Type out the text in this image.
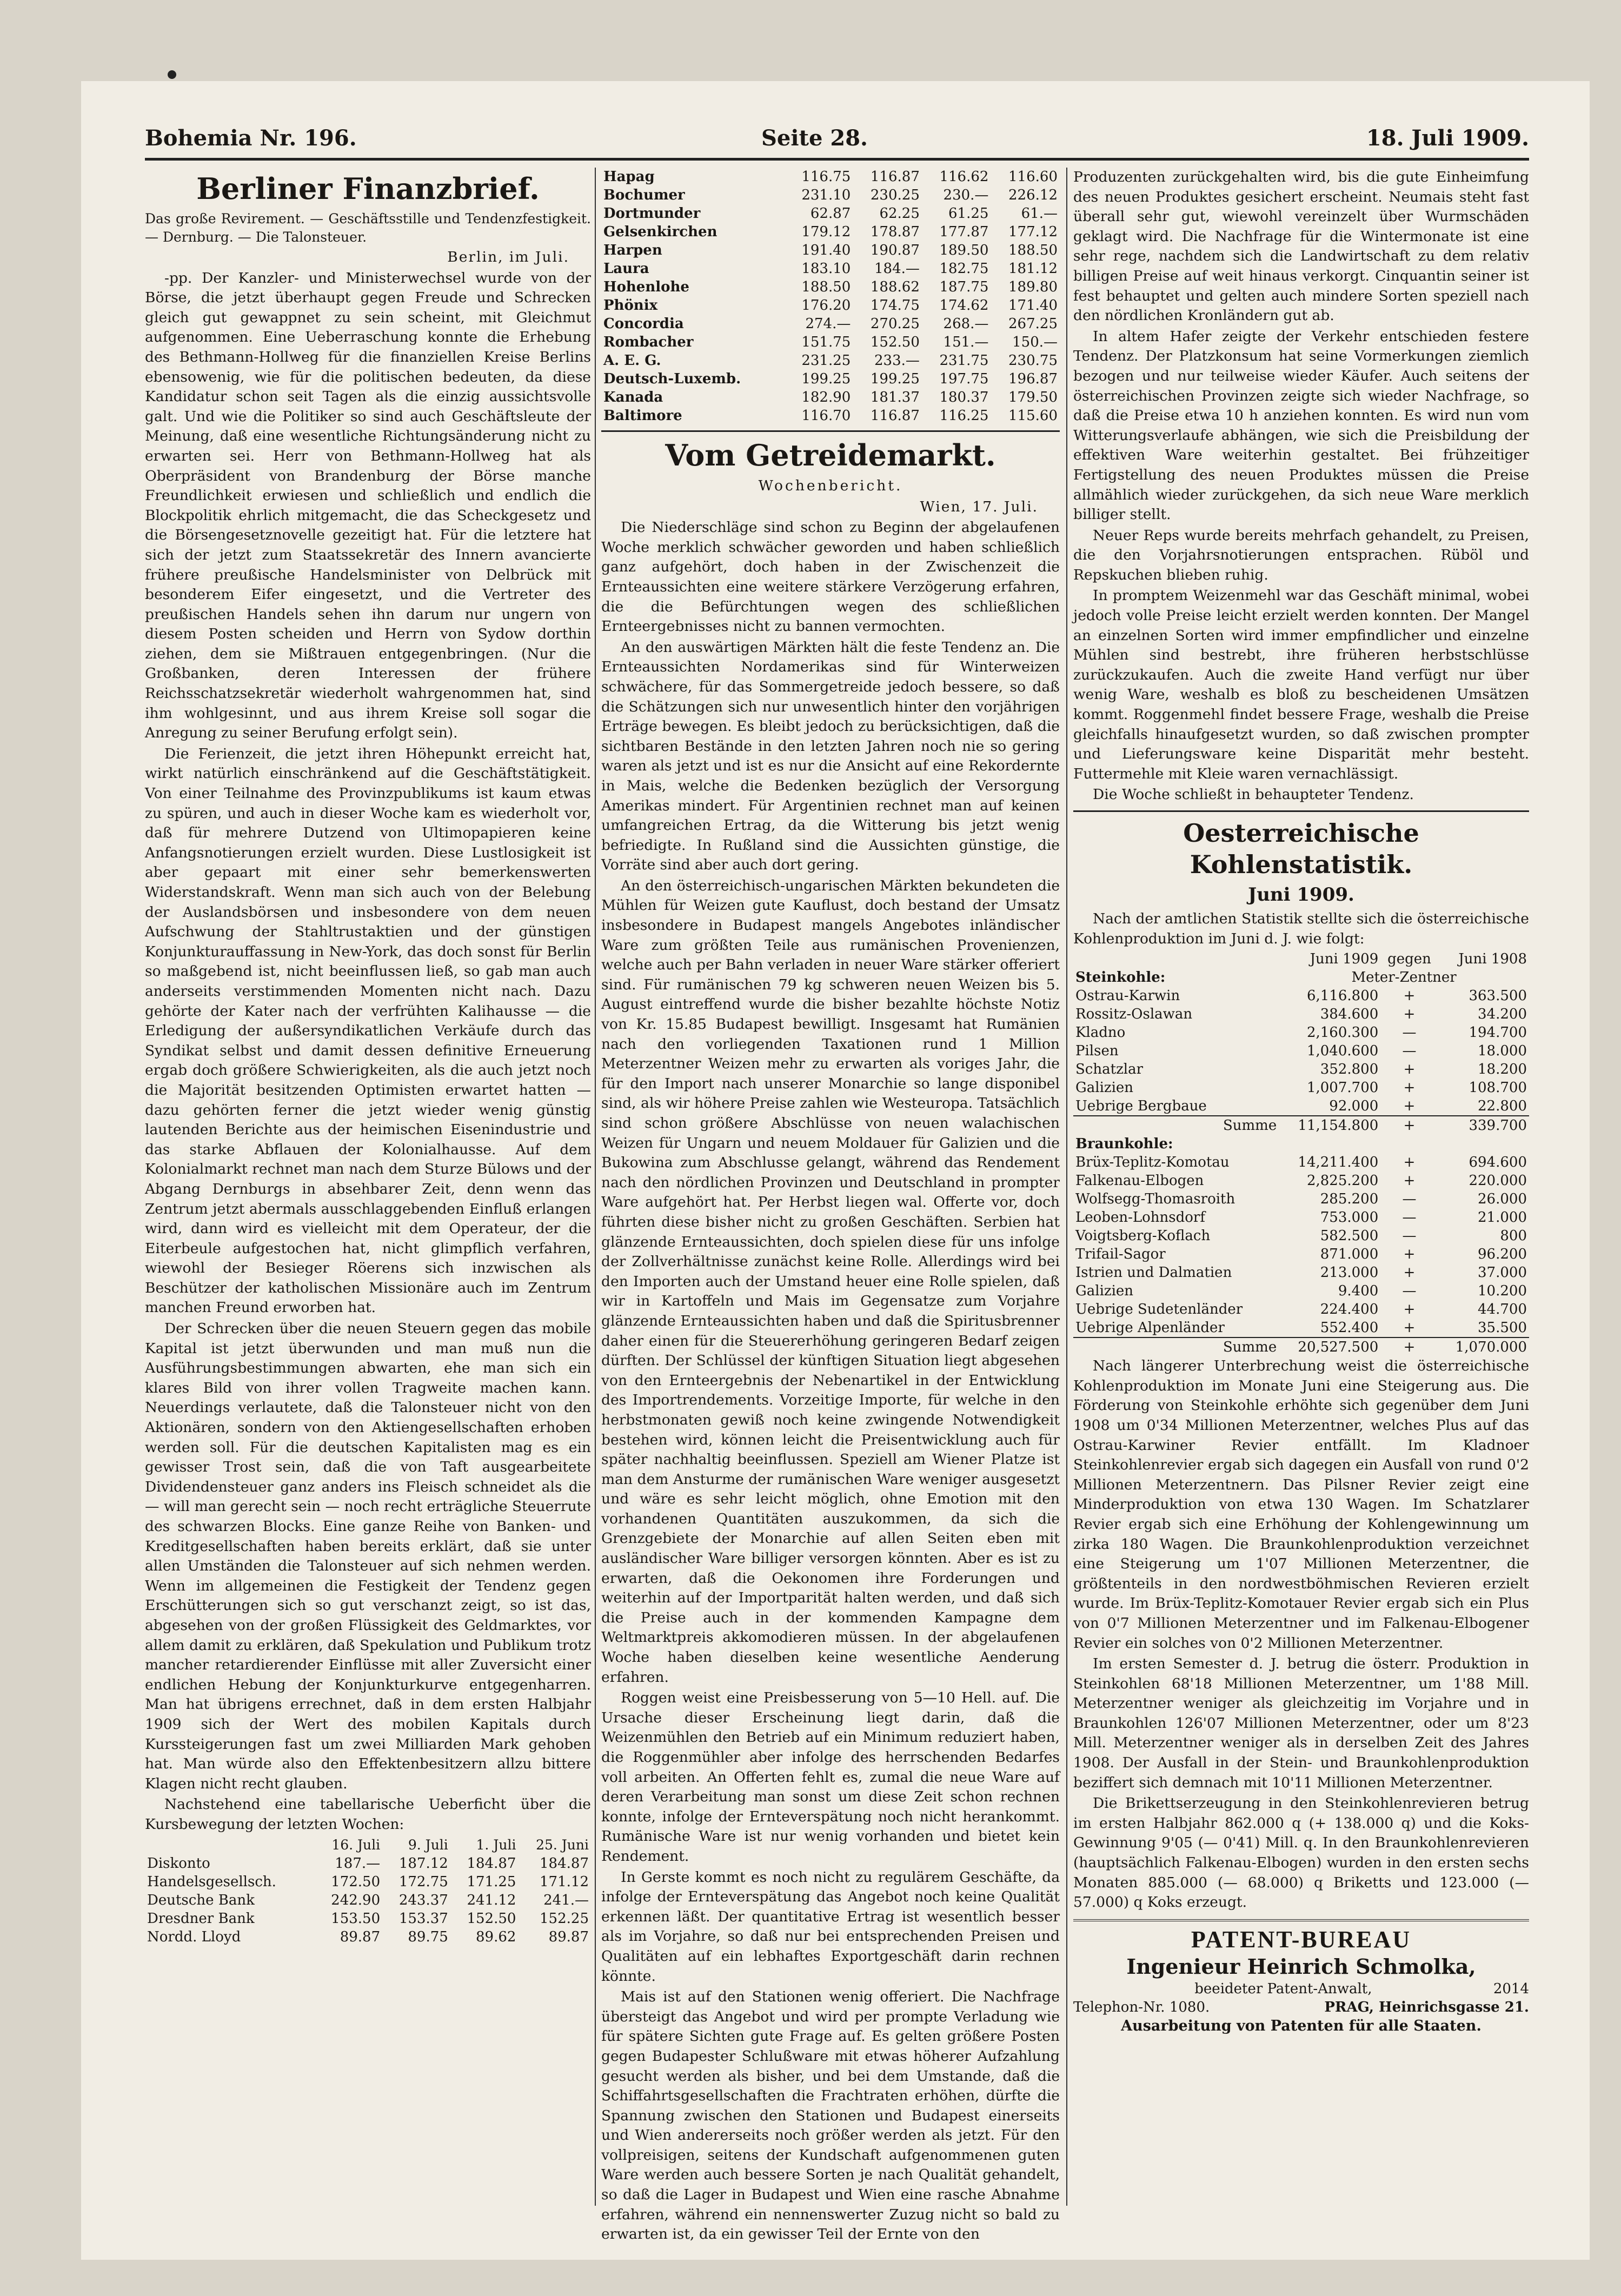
Bohemia Nr. 196.	Seite 28.	18. Juli 1909.
Berliner Finanzbrief.

Das große Revirement. — Geschäftsstille und Tendenzfestigkeit. — Dernburg. — Die Talonsteuer.

Berlin, im Juli.

-pp. Der Kanzler- und Ministerwechsel wurde von der Börse, die jetzt überhaupt gegen Freude und Schrecken gleich gut gewappnet zu sein scheint, mit Gleichmut aufgenommen. Eine Ueberraschung konnte die Erhebung des Bethmann-Hollweg für die finanziellen Kreise Berlins ebensowenig, wie für die politischen bedeuten, da diese Kandidatur schon seit Tagen als die einzig aussichtsvolle galt. Und wie die Politiker so sind auch Geschäftsleute der Meinung, daß eine wesentliche Richtungsänderung nicht zu erwarten sei. Herr von Bethmann-Hollweg hat als Oberpräsident von Brandenburg der Börse manche Freundlichkeit erwiesen und schließlich und endlich die Blockpolitik ehrlich mitgemacht, die das Scheckgesetz und die Börsengesetznovelle gezeitigt hat. Für die letztere hat sich der jetzt zum Staatssekretär des Innern avancierte frühere preußische Handelsminister von Delbrück mit besonderem Eifer eingesetzt, und die Vertreter des preußischen Handels sehen ihn darum nur ungern von diesem Posten scheiden und Herrn von Sydow dorthin ziehen, dem sie Mißtrauen entgegenbringen. (Nur die Großbanken, deren Interessen der frühere Reichsschatzsekretär wiederholt wahrgenommen hat, sind ihm wohlgesinnt, und aus ihrem Kreise soll sogar die Anregung zu seiner Berufung erfolgt sein).

Die Ferienzeit, die jetzt ihren Höhepunkt erreicht hat, wirkt natürlich einschränkend auf die Geschäftstätigkeit. Von einer Teilnahme des Provinzpublikums ist kaum etwas zu spüren, und auch in dieser Woche kam es wiederholt vor, daß für mehrere Dutzend von Ultimopapieren keine Anfangsnotierungen erzielt wurden. Diese Lustlosigkeit ist aber gepaart mit einer sehr bemerkenswerten Widerstandskraft. Wenn man sich auch von der Belebung der Auslandsbörsen und insbesondere von dem neuen Aufschwung der Stahltrustaktien und der günstigen Konjunkturauffassung in New-York, das doch sonst für Berlin so maßgebend ist, nicht beeinflussen ließ, so gab man auch anderseits verstimmenden Momenten nicht nach. Dazu gehörte der Kater nach der verfrühten Kalihausse — die Erledigung der außersyndikatlichen Verkäufe durch das Syndikat selbst und damit dessen definitive Erneuerung ergab doch größere Schwierigkeiten, als die auch jetzt noch die Majorität besitzenden Optimisten erwartet hatten — dazu gehörten ferner die jetzt wieder wenig günstig lautenden Berichte aus der heimischen Eisenindustrie und das starke Abflauen der Kolonialhausse. Auf dem Kolonialmarkt rechnet man nach dem Sturze Bülows und der Abgang Dernburgs in absehbarer Zeit, denn wenn das Zentrum jetzt abermals ausschlaggebenden Einfluß erlangen wird, dann wird es vielleicht mit dem Operateur, der die Eiterbeule aufgestochen hat, nicht glimpflich verfahren, wiewohl der Besieger Röerens sich inzwischen als Beschützer der katholischen Missionäre auch im Zentrum manchen Freund erworben hat.

Der Schrecken über die neuen Steuern gegen das mobile Kapital ist jetzt überwunden und man muß nun die Ausführungsbestimmungen abwarten, ehe man sich ein klares Bild von ihrer vollen Tragweite machen kann. Neuerdings verlautete, daß die Talonsteuer nicht von den Aktionären, sondern von den Aktiengesellschaften erhoben werden soll. Für die deutschen Kapitalisten mag es ein gewisser Trost sein, daß die von Taft ausgearbeitete Dividendensteuer ganz anders ins Fleisch schneidet als die — will man gerecht sein — noch recht erträgliche Steuerrute des schwarzen Blocks. Eine ganze Reihe von Banken- und Kreditgesellschaften haben bereits erklärt, daß sie unter allen Umständen die Talonsteuer auf sich nehmen werden. Wenn im allgemeinen die Festigkeit der Tendenz gegen Erschütterungen sich so gut verschanzt zeigt, so ist das, abgesehen von der großen Flüssigkeit des Geldmarktes, vor allem damit zu erklären, daß Spekulation und Publikum trotz mancher retardierender Einflüsse mit aller Zuversicht einer endlichen Hebung der Konjunkturkurve entgegenharren. Man hat übrigens errechnet, daß in dem ersten Halbjahr 1909 sich der Wert des mobilen Kapitals durch Kurssteigerungen fast um zwei Milliarden Mark gehoben hat. Man würde also den Effektenbesitzern allzu bittere Klagen nicht recht glauben.

Nachstehend eine tabellarische Ueberficht über die Kursbewegung der letzten Wochen:

	16. Juli	9. Juli	1. Juli	25. Juni
Diskonto	187.—	187.12	184.87	184.87
Handelsgesellsch.	172.50	172.75	171.25	171.12
Deutsche Bank	242.90	243.37	241.12	241.—
Dresdner Bank	153.50	153.37	152.50	152.25
Nordd. Lloyd	89.87	89.75	89.62	89.87
Hapag	116.75	116.87	116.62	116.60
Bochumer	231.10	230.25	230.—	226.12
Dortmunder	62.87	62.25	61.25	61.—
Gelsenkirchen	179.12	178.87	177.87	177.12
Harpen	191.40	190.87	189.50	188.50
Laura	183.10	184.—	182.75	181.12
Hohenlohe	188.50	188.62	187.75	189.80
Phönix	176.20	174.75	174.62	171.40
Concordia	274.—	270.25	268.—	267.25
Rombacher	151.75	152.50	151.—	150.—
A. E. G.	231.25	233.—	231.75	230.75
Deutsch-Luxemb.	199.25	199.25	197.75	196.87
Kanada	182.90	181.37	180.37	179.50
Baltimore	116.70	116.87	116.25	115.60
Vom Getreidemarkt.

Wochenbericht.

Wien, 17. Juli.

Die Niederschläge sind schon zu Beginn der abgelaufenen Woche merklich schwächer geworden und haben schließlich ganz aufgehört, doch haben in der Zwischenzeit die Ernteaussichten eine weitere stärkere Verzögerung erfahren, die die Befürchtungen wegen des schließlichen Ernteergebnisses nicht zu bannen vermochten.

An den auswärtigen Märkten hält die feste Tendenz an. Die Ernteaussichten Nordamerikas sind für Winterweizen schwächere, für das Sommergetreide jedoch bessere, so daß die Schätzungen sich nur unwesentlich hinter den vorjährigen Erträge bewegen. Es bleibt jedoch zu berücksichtigen, daß die sichtbaren Bestände in den letzten Jahren noch nie so gering waren als jetzt und ist es nur die Ansicht auf eine Rekordernte in Mais, welche die Bedenken bezüglich der Versorgung Amerikas mindert. Für Argentinien rechnet man auf keinen umfangreichen Ertrag, da die Witterung bis jetzt wenig befriedigte. In Rußland sind die Aussichten günstige, die Vorräte sind aber auch dort gering.

An den österreichisch-ungarischen Märkten bekundeten die Mühlen für Weizen gute Kauflust, doch bestand der Umsatz insbesondere in Budapest mangels Angebotes inländischer Ware zum größten Teile aus rumänischen Provenienzen, welche auch per Bahn verladen in neuer Ware stärker offeriert sind. Für rumänischen 79 kg schweren neuen Weizen bis 5. August eintreffend wurde die bisher bezahlte höchste Notiz von Kr. 15.85 Budapest bewilligt. Insgesamt hat Rumänien nach den vorliegenden Taxationen rund 1 Million Meterzentner Weizen mehr zu erwarten als voriges Jahr, die für den Import nach unserer Monarchie so lange disponibel sind, als wir höhere Preise zahlen wie Westeuropa. Tatsächlich sind schon größere Abschlüsse von neuen walachischen Weizen für Ungarn und neuem Moldauer für Galizien und die Bukowina zum Abschlusse gelangt, während das Rendement nach den nördlichen Provinzen und Deutschland in prompter Ware aufgehört hat. Per Herbst liegen wal. Offerte vor, doch führten diese bisher nicht zu großen Geschäften. Serbien hat glänzende Ernteaussichten, doch spielen diese für uns infolge der Zollverhältnisse zunächst keine Rolle. Allerdings wird bei den Importen auch der Umstand heuer eine Rolle spielen, daß wir in Kartoffeln und Mais im Gegensatze zum Vorjahre glänzende Ernteaussichten haben und daß die Spiritusbrenner daher einen für die Steuererhöhung geringeren Bedarf zeigen dürften. Der Schlüssel der künftigen Situation liegt abgesehen von den Ernteergebnis der Nebenartikel in der Entwicklung des Importrendements. Vorzeitige Importe, für welche in den herbstmonaten gewiß noch keine zwingende Notwendigkeit bestehen wird, können leicht die Preisentwicklung auch für später nachhaltig beeinflussen. Speziell am Wiener Platze ist man dem Ansturme der rumänischen Ware weniger ausgesetzt und wäre es sehr leicht möglich, ohne Emotion mit den vorhandenen Quantitäten auszukommen, da sich die Grenzgebiete der Monarchie auf allen Seiten eben mit ausländischer Ware billiger versorgen könnten. Aber es ist zu erwarten, daß die Oekonomen ihre Forderungen und weiterhin auf der Importparität halten werden, und daß sich die Preise auch in der kommenden Kampagne dem Weltmarktpreis akkomodieren müssen. In der abgelaufenen Woche haben dieselben keine wesentliche Aenderung erfahren.

Roggen weist eine Preisbesserung von 5—10 Hell. auf. Die Ursache dieser Erscheinung liegt darin, daß die Weizenmühlen den Betrieb auf ein Minimum reduziert haben, die Roggenmühler aber infolge des herrschenden Bedarfes voll arbeiten. An Offerten fehlt es, zumal die neue Ware auf deren Verarbeitung man sonst um diese Zeit schon rechnen konnte, infolge der Ernteverspätung noch nicht herankommt. Rumänische Ware ist nur wenig vorhanden und bietet kein Rendement.

In Gerste kommt es noch nicht zu regulärem Geschäfte, da infolge der Ernteverspätung das Angebot noch keine Qualität erkennen läßt. Der quantitative Ertrag ist wesentlich besser als im Vorjahre, so daß nur bei entsprechenden Preisen und Qualitäten auf ein lebhaftes Exportgeschäft darin rechnen könnte.

Mais ist auf den Stationen wenig offeriert. Die Nachfrage übersteigt das Angebot und wird per prompte Verladung wie für spätere Sichten gute Frage auf. Es gelten größere Posten gegen Budapester Schlußware mit etwas höherer Aufzahlung gesucht werden als bisher, und bei dem Umstande, daß die Schiffahrtsgesellschaften die Frachtraten erhöhen, dürfte die Spannung zwischen den Stationen und Budapest einerseits und Wien andererseits noch größer werden als jetzt. Für den vollpreisigen, seitens der Kundschaft aufgenommenen guten Ware werden auch bessere Sorten je nach Qualität gehandelt, so daß die Lager in Budapest und Wien eine rasche Abnahme erfahren, während ein nennenswerter Zuzug nicht so bald zu erwarten ist, da ein gewisser Teil der Ernte von den

Produzenten zurückgehalten wird, bis die gute Einheimfung des neuen Produktes gesichert erscheint. Neumais steht fast überall sehr gut, wiewohl vereinzelt über Wurmschäden geklagt wird. Die Nachfrage für die Wintermonate ist eine sehr rege, nachdem sich die Landwirtschaft zu dem relativ billigen Preise auf weit hinaus verkorgt. Cinquantin seiner ist fest behauptet und gelten auch mindere Sorten speziell nach den nördlichen Kronländern gut ab.

In altem Hafer zeigte der Verkehr entschieden festere Tendenz. Der Platzkonsum hat seine Vormerkungen ziemlich bezogen und nur teilweise wieder Käufer. Auch seitens der österreichischen Provinzen zeigte sich wieder Nachfrage, so daß die Preise etwa 10 h anziehen konnten. Es wird nun vom Witterungsverlaufe abhängen, wie sich die Preisbildung der effektiven Ware weiterhin gestaltet. Bei frühzeitiger Fertigstellung des neuen Produktes müssen die Preise allmählich wieder zurückgehen, da sich neue Ware merklich billiger stellt.

Neuer Reps wurde bereits mehrfach gehandelt, zu Preisen, die den Vorjahrsnotierungen entsprachen. Rüböl und Repskuchen blieben ruhig.

In promptem Weizenmehl war das Geschäft minimal, wobei jedoch volle Preise leicht erzielt werden konnten. Der Mangel an einzelnen Sorten wird immer empfindlicher und einzelne Mühlen sind bestrebt, ihre früheren herbstschlüsse zurückzukaufen. Auch die zweite Hand verfügt nur über wenig Ware, weshalb es bloß zu bescheidenen Umsätzen kommt. Roggenmehl findet bessere Frage, weshalb die Preise gleichfalls hinaufgesetzt wurden, so daß zwischen prompter und Lieferungsware keine Disparität mehr besteht. Futtermehle mit Kleie waren vernachlässigt.

Die Woche schließt in behaupteter Tendenz.

Oesterreichische Kohlenstatistik.
Juni 1909.

Nach der amtlichen Statistik stellte sich die österreichische Kohlenproduktion im Juni d. J. wie folgt:

	Juni 1909	gegen	Juni 1908
Steinkohle:	Meter-Zentner		
Ostrau-Karwin	6,116.800	+	363.500
Rossitz-Oslawan	384.600	+	34.200
Kladno	2,160.300	—	194.700
Pilsen	1,040.600	—	18.000
Schatzlar	352.800	+	18.200
Galizien	1,007.700	+	108.700
Uebrige Bergbaue	92.000	+	22.800
Summe	11,154.800	+	339.700
Braunkohle:			
Brüx-Teplitz-Komotau	14,211.400	+	694.600
Falkenau-Elbogen	2,825.200	+	220.000
Wolfsegg-Thomasroith	285.200	—	26.000
Leoben-Lohnsdorf	753.000	—	21.000
Voigtsberg-Koflach	582.500	—	800
Trifail-Sagor	871.000	+	96.200
Istrien und Dalmatien	213.000	+	37.000
Galizien	9.400	—	10.200
Uebrige Sudetenländer	224.400	+	44.700
Uebrige Alpenländer	552.400	+	35.500
Summe	20,527.500	+	1,070.000

Nach längerer Unterbrechung weist die österreichische Kohlenproduktion im Monate Juni eine Steigerung aus. Die Förderung von Steinkohle erhöhte sich gegenüber dem Juni 1908 um 0'34 Millionen Meterzentner, welches Plus auf das Ostrau-Karwiner Revier entfällt. Im Kladnoer Steinkohlenrevier ergab sich dagegen ein Ausfall von rund 0'2 Millionen Meterzentnern. Das Pilsner Revier zeigt eine Minderproduktion von etwa 130 Wagen. Im Schatzlarer Revier ergab sich eine Erhöhung der Kohlengewinnung um zirka 180 Wagen. Die Braunkohlenproduktion verzeichnet eine Steigerung um 1'07 Millionen Meterzentner, die größtenteils in den nordwestböhmischen Revieren erzielt wurde. Im Brüx-Teplitz-Komotauer Revier ergab sich ein Plus von 0'7 Millionen Meterzentner und im Falkenau-Elbogener Revier ein solches von 0'2 Millionen Meterzentner.

Im ersten Semester d. J. betrug die österr. Produktion in Steinkohlen 68'18 Millionen Meterzentner, um 1'88 Mill. Meterzentner weniger als gleichzeitig im Vorjahre und in Braunkohlen 126'07 Millionen Meterzentner, oder um 8'23 Mill. Meterzentner weniger als in derselben Zeit des Jahres 1908. Der Ausfall in der Stein- und Braunkohlenproduktion beziffert sich demnach mit 10'11 Millionen Meterzentner.

Die Brikettserzeugung in den Steinkohlenrevieren betrug im ersten Halbjahr 862.000 q (+ 138.000 q) und die Koks-Gewinnung 9'05 (— 0'41) Mill. q. In den Braunkohlenrevieren (hauptsächlich Falkenau-Elbogen) wurden in den ersten sechs Monaten 885.000 (— 68.000) q Briketts und 123.000 (— 57.000) q Koks erzeugt.

PATENT-BUREAU
Ingenieur Heinrich Schmolka,
beeideter Patent-Anwalt,	2014
Telephon-Nr. 1080.	PRAG, Heinrichsgasse 21.
Ausarbeitung von Patenten für alle Staaten.
